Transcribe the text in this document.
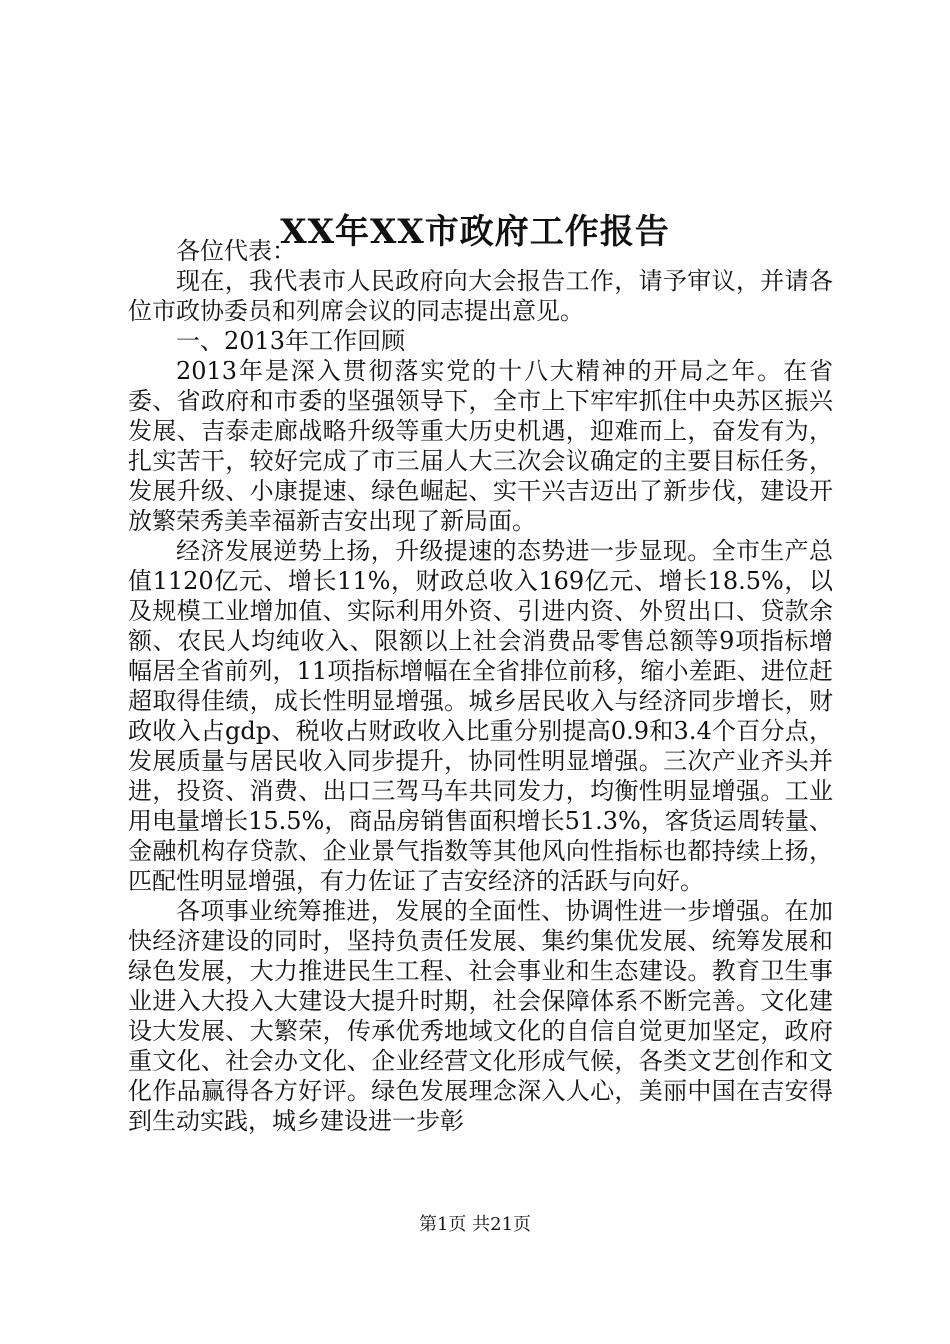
XX年XX市政府工作报告

各位代表：

现在，我代表市人民政府向大会报告工作，请予审议，并请各位市政协委员和列席会议的同志提出意见。

一、2013年工作回顾

2013年是深入贯彻落实党的十八大精神的开局之年。在省委、省政府和市委的坚强领导下，全市上下牢牢抓住中央苏区振兴发展、吉泰走廊战略升级等重大历史机遇，迎难而上，奋发有为，扎实苦干，较好完成了市三届人大三次会议确定的主要目标任务，发展升级、小康提速、绿色崛起、实干兴吉迈出了新步伐，建设开放繁荣秀美幸福新吉安出现了新局面。

经济发展逆势上扬，升级提速的态势进一步显现。全市生产总值1120亿元、增长11%，财政总收入169亿元、增长18.5%，以及规模工业增加值、实际利用外资、引进内资、外贸出口、贷款余额、农民人均纯收入、限额以上社会消费品零售总额等9项指标增幅居全省前列，11项指标增幅在全省排位前移，缩小差距、进位赶超取得佳绩，成长性明显增强。城乡居民收入与经济同步增长，财政收入占gdp、税收占财政收入比重分别提高0.9和3.4个百分点，发展质量与居民收入同步提升，协同性明显增强。三次产业齐头并进，投资、消费、出口三驾马车共同发力，均衡性明显增强。工业用电量增长15.5%，商品房销售面积增长51.3%，客货运周转量、金融机构存贷款、企业景气指数等其他风向性指标也都持续上扬，匹配性明显增强，有力佐证了吉安经济的活跃与向好。

各项事业统筹推进，发展的全面性、协调性进一步增强。在加快经济建设的同时，坚持负责任发展、集约集优发展、统筹发展和绿色发展，大力推进民生工程、社会事业和生态建设。教育卫生事业进入大投入大建设大提升时期，社会保障体系不断完善。文化建设大发展、大繁荣，传承优秀地域文化的自信自觉更加坚定，政府重文化、社会办文化、企业经营文化形成气候，各类文艺创作和文化作品赢得各方好评。绿色发展理念深入人心，美丽中国在吉安得到生动实践，城乡建设进一步彰

第1页 共21页
